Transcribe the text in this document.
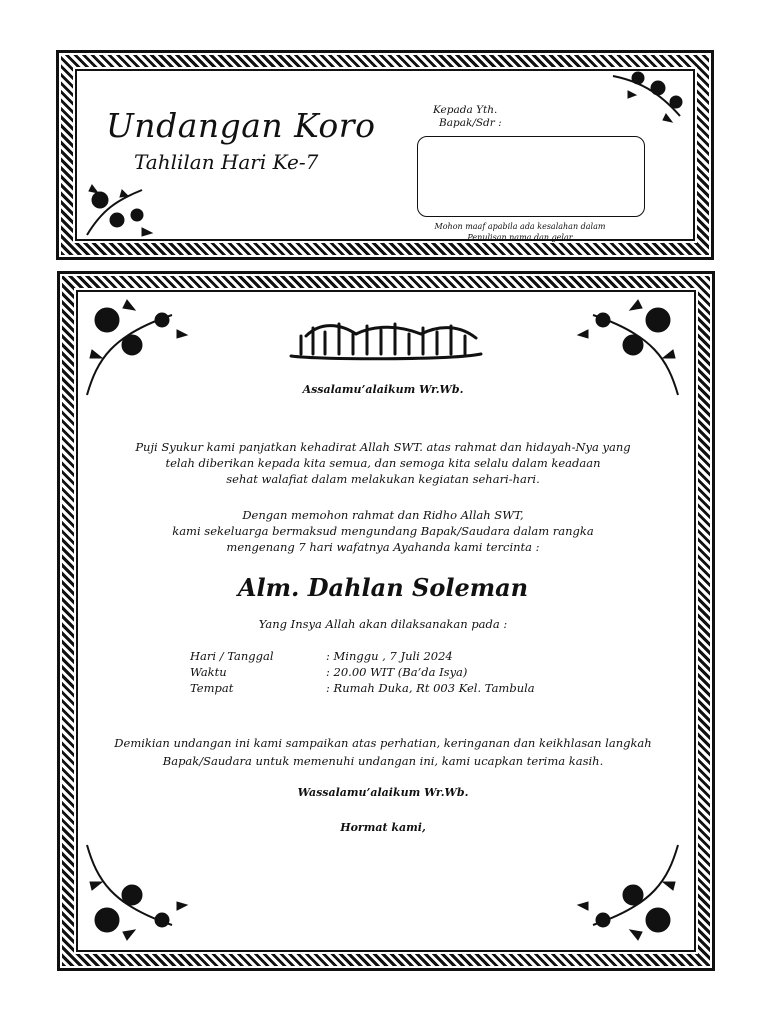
Undangan Koro
Tahlilan Hari Ke-7
Kepada Yth.
Bapak/Sdr :
Mohon maaf apabila ada kesalahan dalam
Penulisan nama dan gelar
Assalamu’alaikum Wr.Wb.
Puji Syukur kami panjatkan kehadirat Allah SWT. atas rahmat dan hidayah-Nya yang
telah diberikan kepada kita semua, dan semoga kita selalu dalam keadaan
sehat walafiat dalam melakukan kegiatan sehari-hari.
Dengan memohon rahmat dan Ridho Allah SWT,
kami sekeluarga bermaksud mengundang Bapak/Saudara dalam rangka
mengenang 7 hari wafatnya Ayahanda kami tercinta :
Alm. Dahlan Soleman
Yang Insya Allah akan dilaksanakan pada :
Hari / Tanggal	: Minggu , 7 Juli 2024
Waktu	: 20.00 WIT (Ba’da Isya)
Tempat	: Rumah Duka, Rt 003 Kel. Tambula
Demikian undangan ini kami sampaikan atas perhatian, keringanan dan keikhlasan langkah
Bapak/Saudara untuk memenuhi undangan ini, kami ucapkan terima kasih.
Wassalamu’alaikum Wr.Wb.
Hormat kami,
